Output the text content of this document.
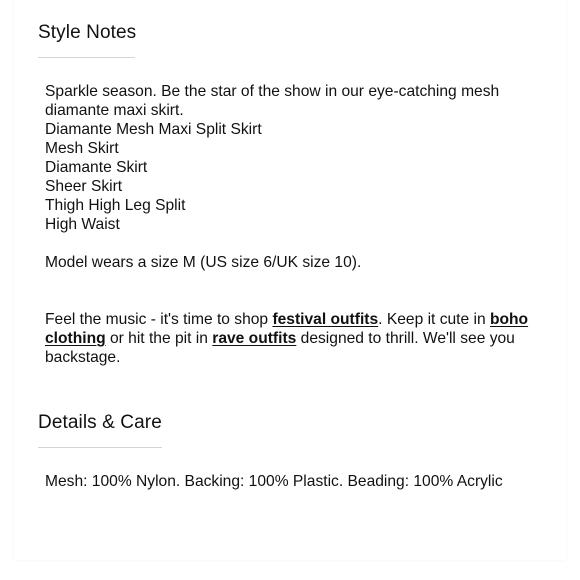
Style Notes

Sparkle season. Be the star of the show in our eye-catching mesh diamante maxi skirt.

Diamante Mesh Maxi Split Skirt
Mesh Skirt
Diamante Skirt
Sheer Skirt
Thigh High Leg Split
High Waist

Model wears a size M (US size 6/UK size 10).

Feel the music - it's time to shop festival outfits. Keep it cute in boho clothing or hit the pit in rave outfits designed to thrill. We'll see you backstage.

Details & Care

Mesh: 100% Nylon. Backing: 100% Plastic. Beading: 100% Acrylic
